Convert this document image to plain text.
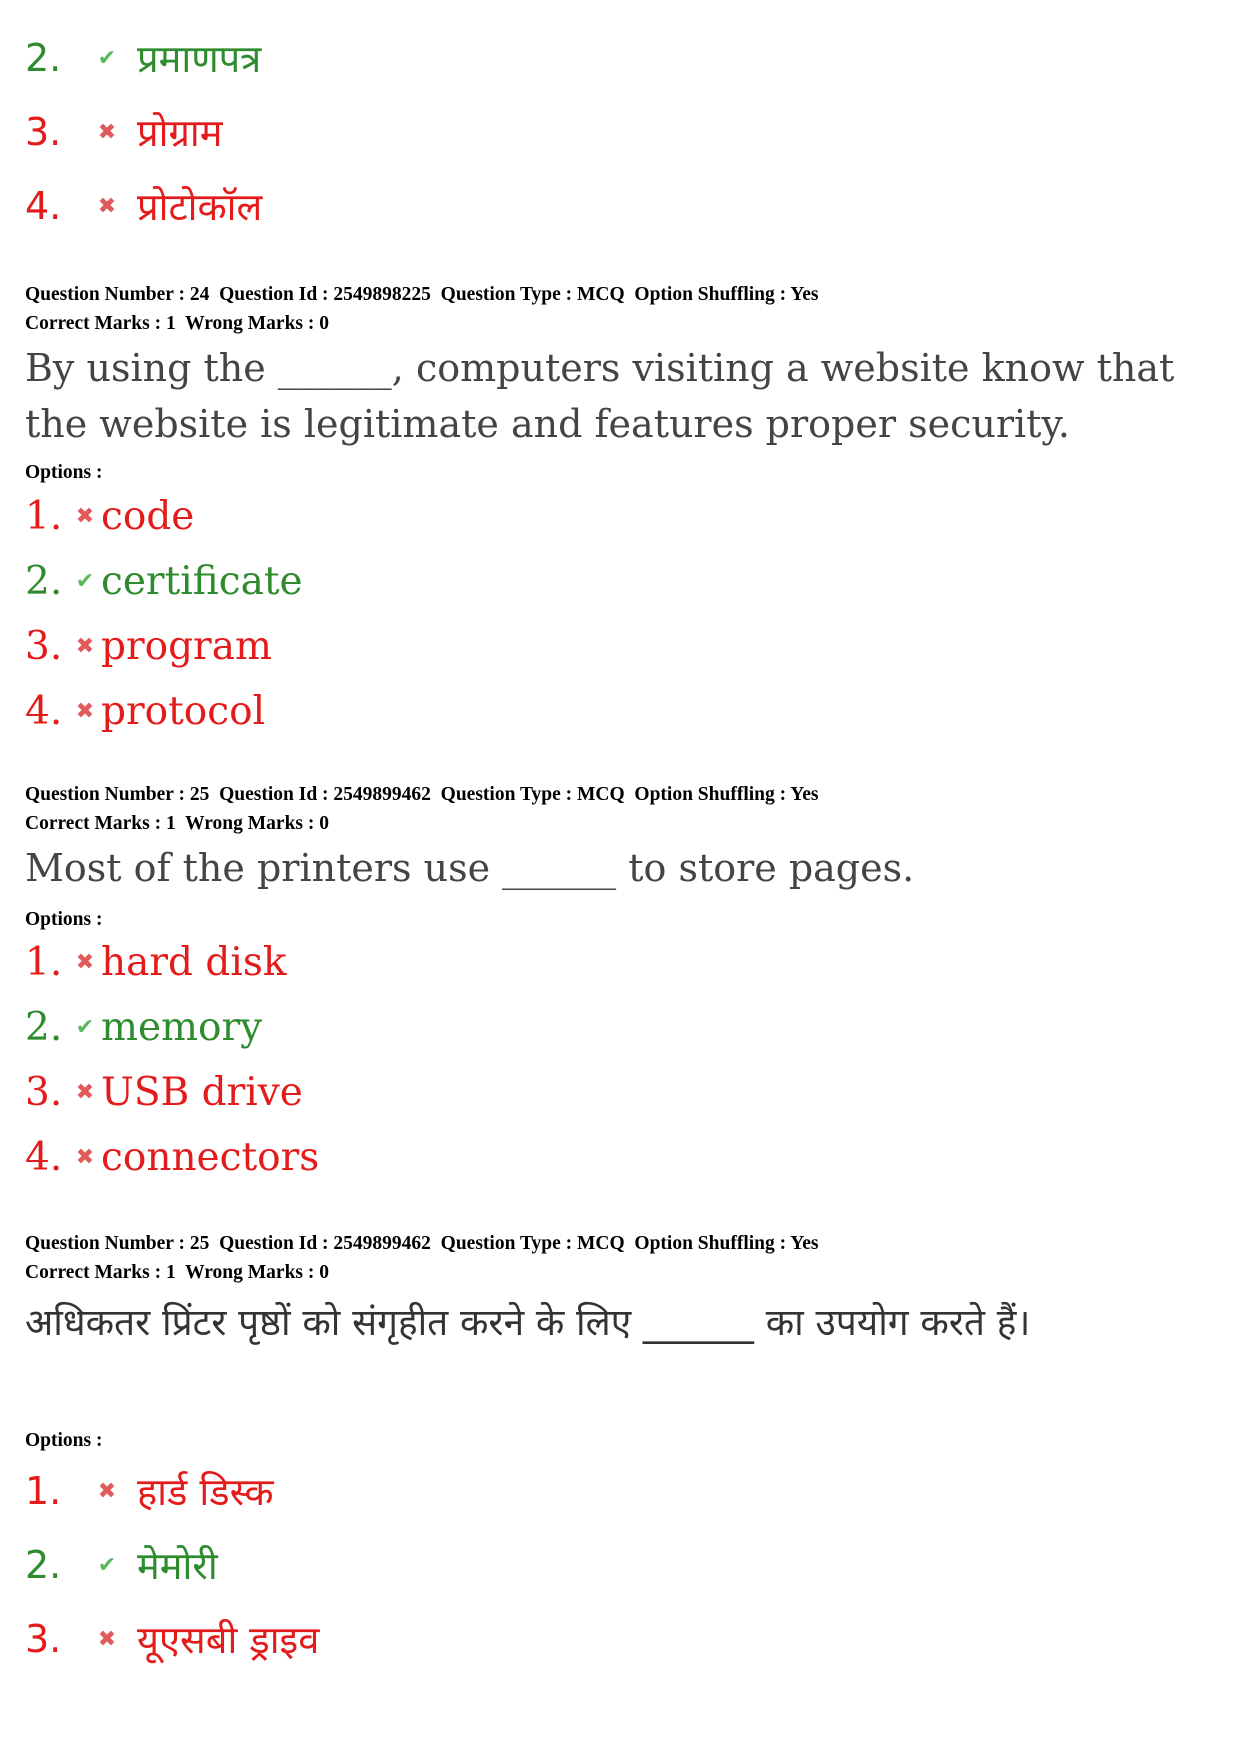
2.	✔ प्रमाणपत्र
3.	✖ प्रोग्राम
4.	✖ प्रोटोकॉल
Question Number : 24  Question Id : 2549898225  Question Type : MCQ  Option Shuffling : Yes
Correct Marks : 1  Wrong Marks : 0
By using the ______, computers visiting a website know that the website is legitimate and features proper security.
Options :
1. ✖ code
2. ✔ certificate
3. ✖ program
4. ✖ protocol
Question Number : 25  Question Id : 2549899462  Question Type : MCQ  Option Shuffling : Yes
Correct Marks : 1  Wrong Marks : 0
Most of the printers use ______ to store pages.
Options :
1. ✖ hard disk
2. ✔ memory
3. ✖ USB drive
4. ✖ connectors
Question Number : 25  Question Id : 2549899462  Question Type : MCQ  Option Shuffling : Yes
Correct Marks : 1  Wrong Marks : 0
अधिकतर प्रिंटर पृष्ठों को संगृहीत करने के लिए ______ का उपयोग करते हैं।
Options :
1.	✖ हार्ड डिस्क
2.	✔ मेमोरी
3.	✖ यूएसबी ड्राइव
